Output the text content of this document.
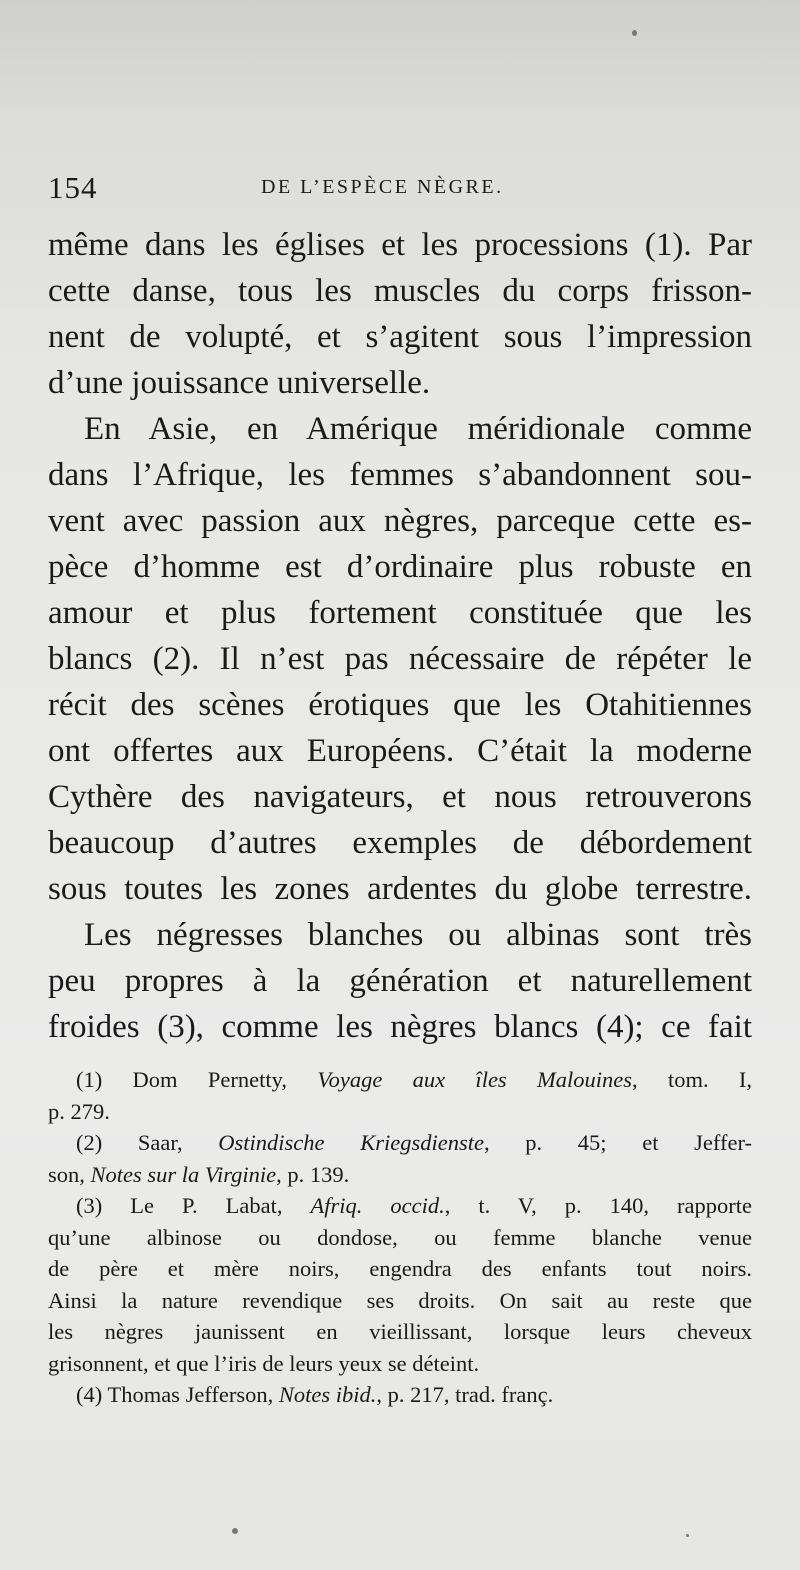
154	DE L’ESPÈCE NÈGRE.
même dans les églises et les processions (1). Par
cette danse, tous les muscles du corps frisson-
nent de volupté, et s’agitent sous l’impression
d’une jouissance universelle.
En Asie, en Amérique méridionale comme
dans l’Afrique, les femmes s’abandonnent sou-
vent avec passion aux nègres, parceque cette es-
pèce d’homme est d’ordinaire plus robuste en
amour et plus fortement constituée que les
blancs (2). Il n’est pas nécessaire de répéter le
récit des scènes érotiques que les Otahitiennes
ont offertes aux Européens. C’était la moderne
Cythère des navigateurs, et nous retrouverons
beaucoup d’autres exemples de débordement
sous toutes les zones ardentes du globe terrestre.
Les négresses blanches ou albinas sont très
peu propres à la génération et naturellement
froides (3), comme les nègres blancs (4); ce fait
(1) Dom Pernetty, Voyage aux îles Malouines, tom. I,
p. 279.
(2) Saar, Ostindische Kriegsdienste, p. 45; et Jeffer-
son, Notes sur la Virginie, p. 139.
(3) Le P. Labat, Afriq. occid., t. V, p. 140, rapporte
qu’une albinose ou dondose, ou femme blanche venue
de père et mère noirs, engendra des enfants tout noirs.
Ainsi la nature revendique ses droits. On sait au reste que
les nègres jaunissent en vieillissant, lorsque leurs cheveux
grisonnent, et que l’iris de leurs yeux se déteint.
(4) Thomas Jefferson, Notes ibid., p. 217, trad. franç.
